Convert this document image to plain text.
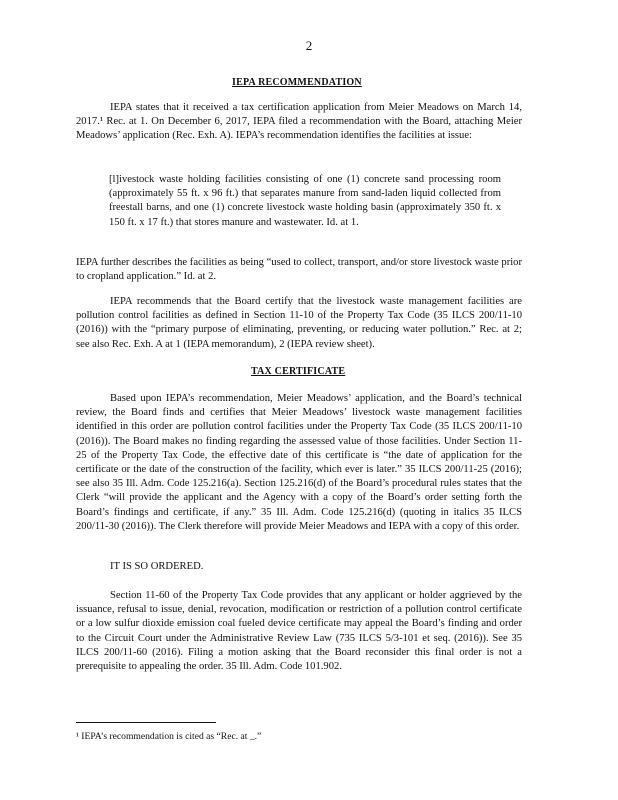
2
IEPA RECOMMENDATION

IEPA states that it received a tax certification application from Meier Meadows on March 14, 2017.¹ Rec. at 1. On December 6, 2017, IEPA filed a recommendation with the Board, attaching Meier Meadows’ application (Rec. Exh. A). IEPA’s recommendation identifies the facilities at issue:

[l]ivestock waste holding facilities consisting of one (1) concrete sand processing room (approximately 55 ft. x 96 ft.) that separates manure from sand-laden liquid collected from freestall barns, and one (1) concrete livestock waste holding basin (approximately 350 ft. x 150 ft. x 17 ft.) that stores manure and wastewater. Id. at 1.

IEPA further describes the facilities as being “used to collect, transport, and/or store livestock waste prior to cropland application.” Id. at 2.

IEPA recommends that the Board certify that the livestock waste management facilities are pollution control facilities as defined in Section 11-10 of the Property Tax Code (35 ILCS 200/11-10 (2016)) with the “primary purpose of eliminating, preventing, or reducing water pollution.” Rec. at 2; see also Rec. Exh. A at 1 (IEPA memorandum), 2 (IEPA review sheet).

TAX CERTIFICATE

Based upon IEPA’s recommendation, Meier Meadows’ application, and the Board’s technical review, the Board finds and certifies that Meier Meadows’ livestock waste management facilities identified in this order are pollution control facilities under the Property Tax Code (35 ILCS 200/11-10 (2016)). The Board makes no finding regarding the assessed value of those facilities. Under Section 11-25 of the Property Tax Code, the effective date of this certificate is “the date of application for the certificate or the date of the construction of the facility, which ever is later.” 35 ILCS 200/11-25 (2016); see also 35 Ill. Adm. Code 125.216(a). Section 125.216(d) of the Board’s procedural rules states that the Clerk “will provide the applicant and the Agency with a copy of the Board’s order setting forth the Board’s findings and certificate, if any.” 35 Ill. Adm. Code 125.216(d) (quoting in italics 35 ILCS 200/11-30 (2016)). The Clerk therefore will provide Meier Meadows and IEPA with a copy of this order.

IT IS SO ORDERED.

Section 11-60 of the Property Tax Code provides that any applicant or holder aggrieved by the issuance, refusal to issue, denial, revocation, modification or restriction of a pollution control certificate or a low sulfur dioxide emission coal fueled device certificate may appeal the Board’s finding and order to the Circuit Court under the Administrative Review Law (735 ILCS 5/3-101 et seq. (2016)). See 35 ILCS 200/11-60 (2016). Filing a motion asking that the Board reconsider this final order is not a prerequisite to appealing the order. 35 Ill. Adm. Code 101.902.

¹ IEPA’s recommendation is cited as “Rec. at _.”
